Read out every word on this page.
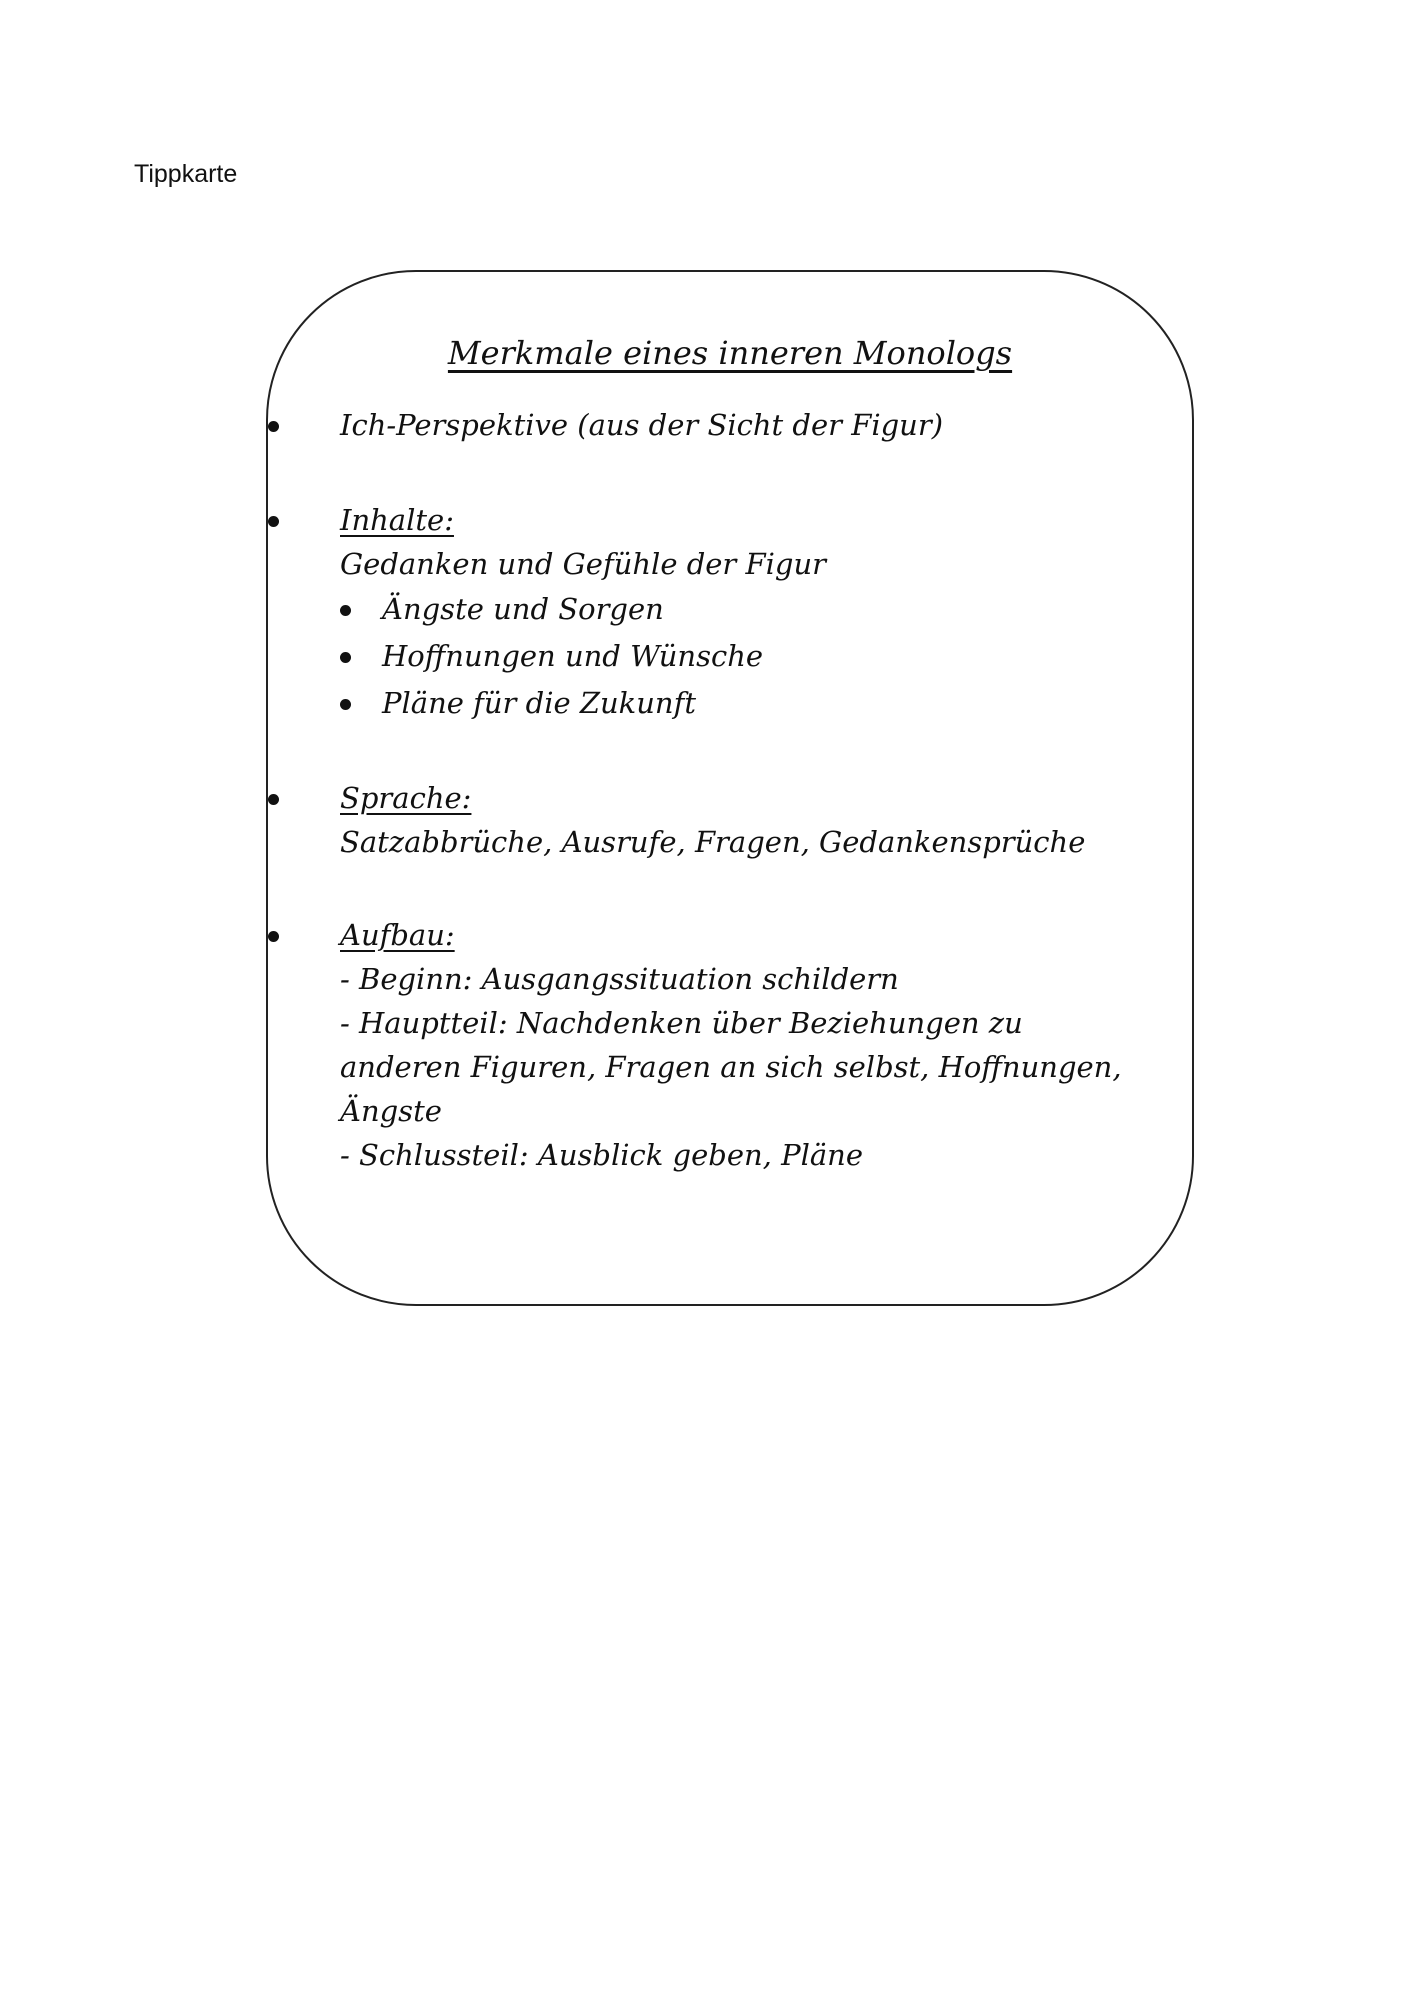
Tippkarte
Merkmale eines inneren Monologs
Ich-Perspektive (aus der Sicht der Figur)
Inhalte:
Gedanken und Gefühle der Figur
Ängste und Sorgen
Hoffnungen und Wünsche
Pläne für die Zukunft
Sprache:
Satzabbrüche, Ausrufe, Fragen, Gedankensprüche
Aufbau:
- Beginn: Ausgangssituation schildern
- Hauptteil: Nachdenken über Beziehungen zu
anderen Figuren, Fragen an sich selbst, Hoffnungen,
Ängste
- Schlussteil: Ausblick geben, Pläne
